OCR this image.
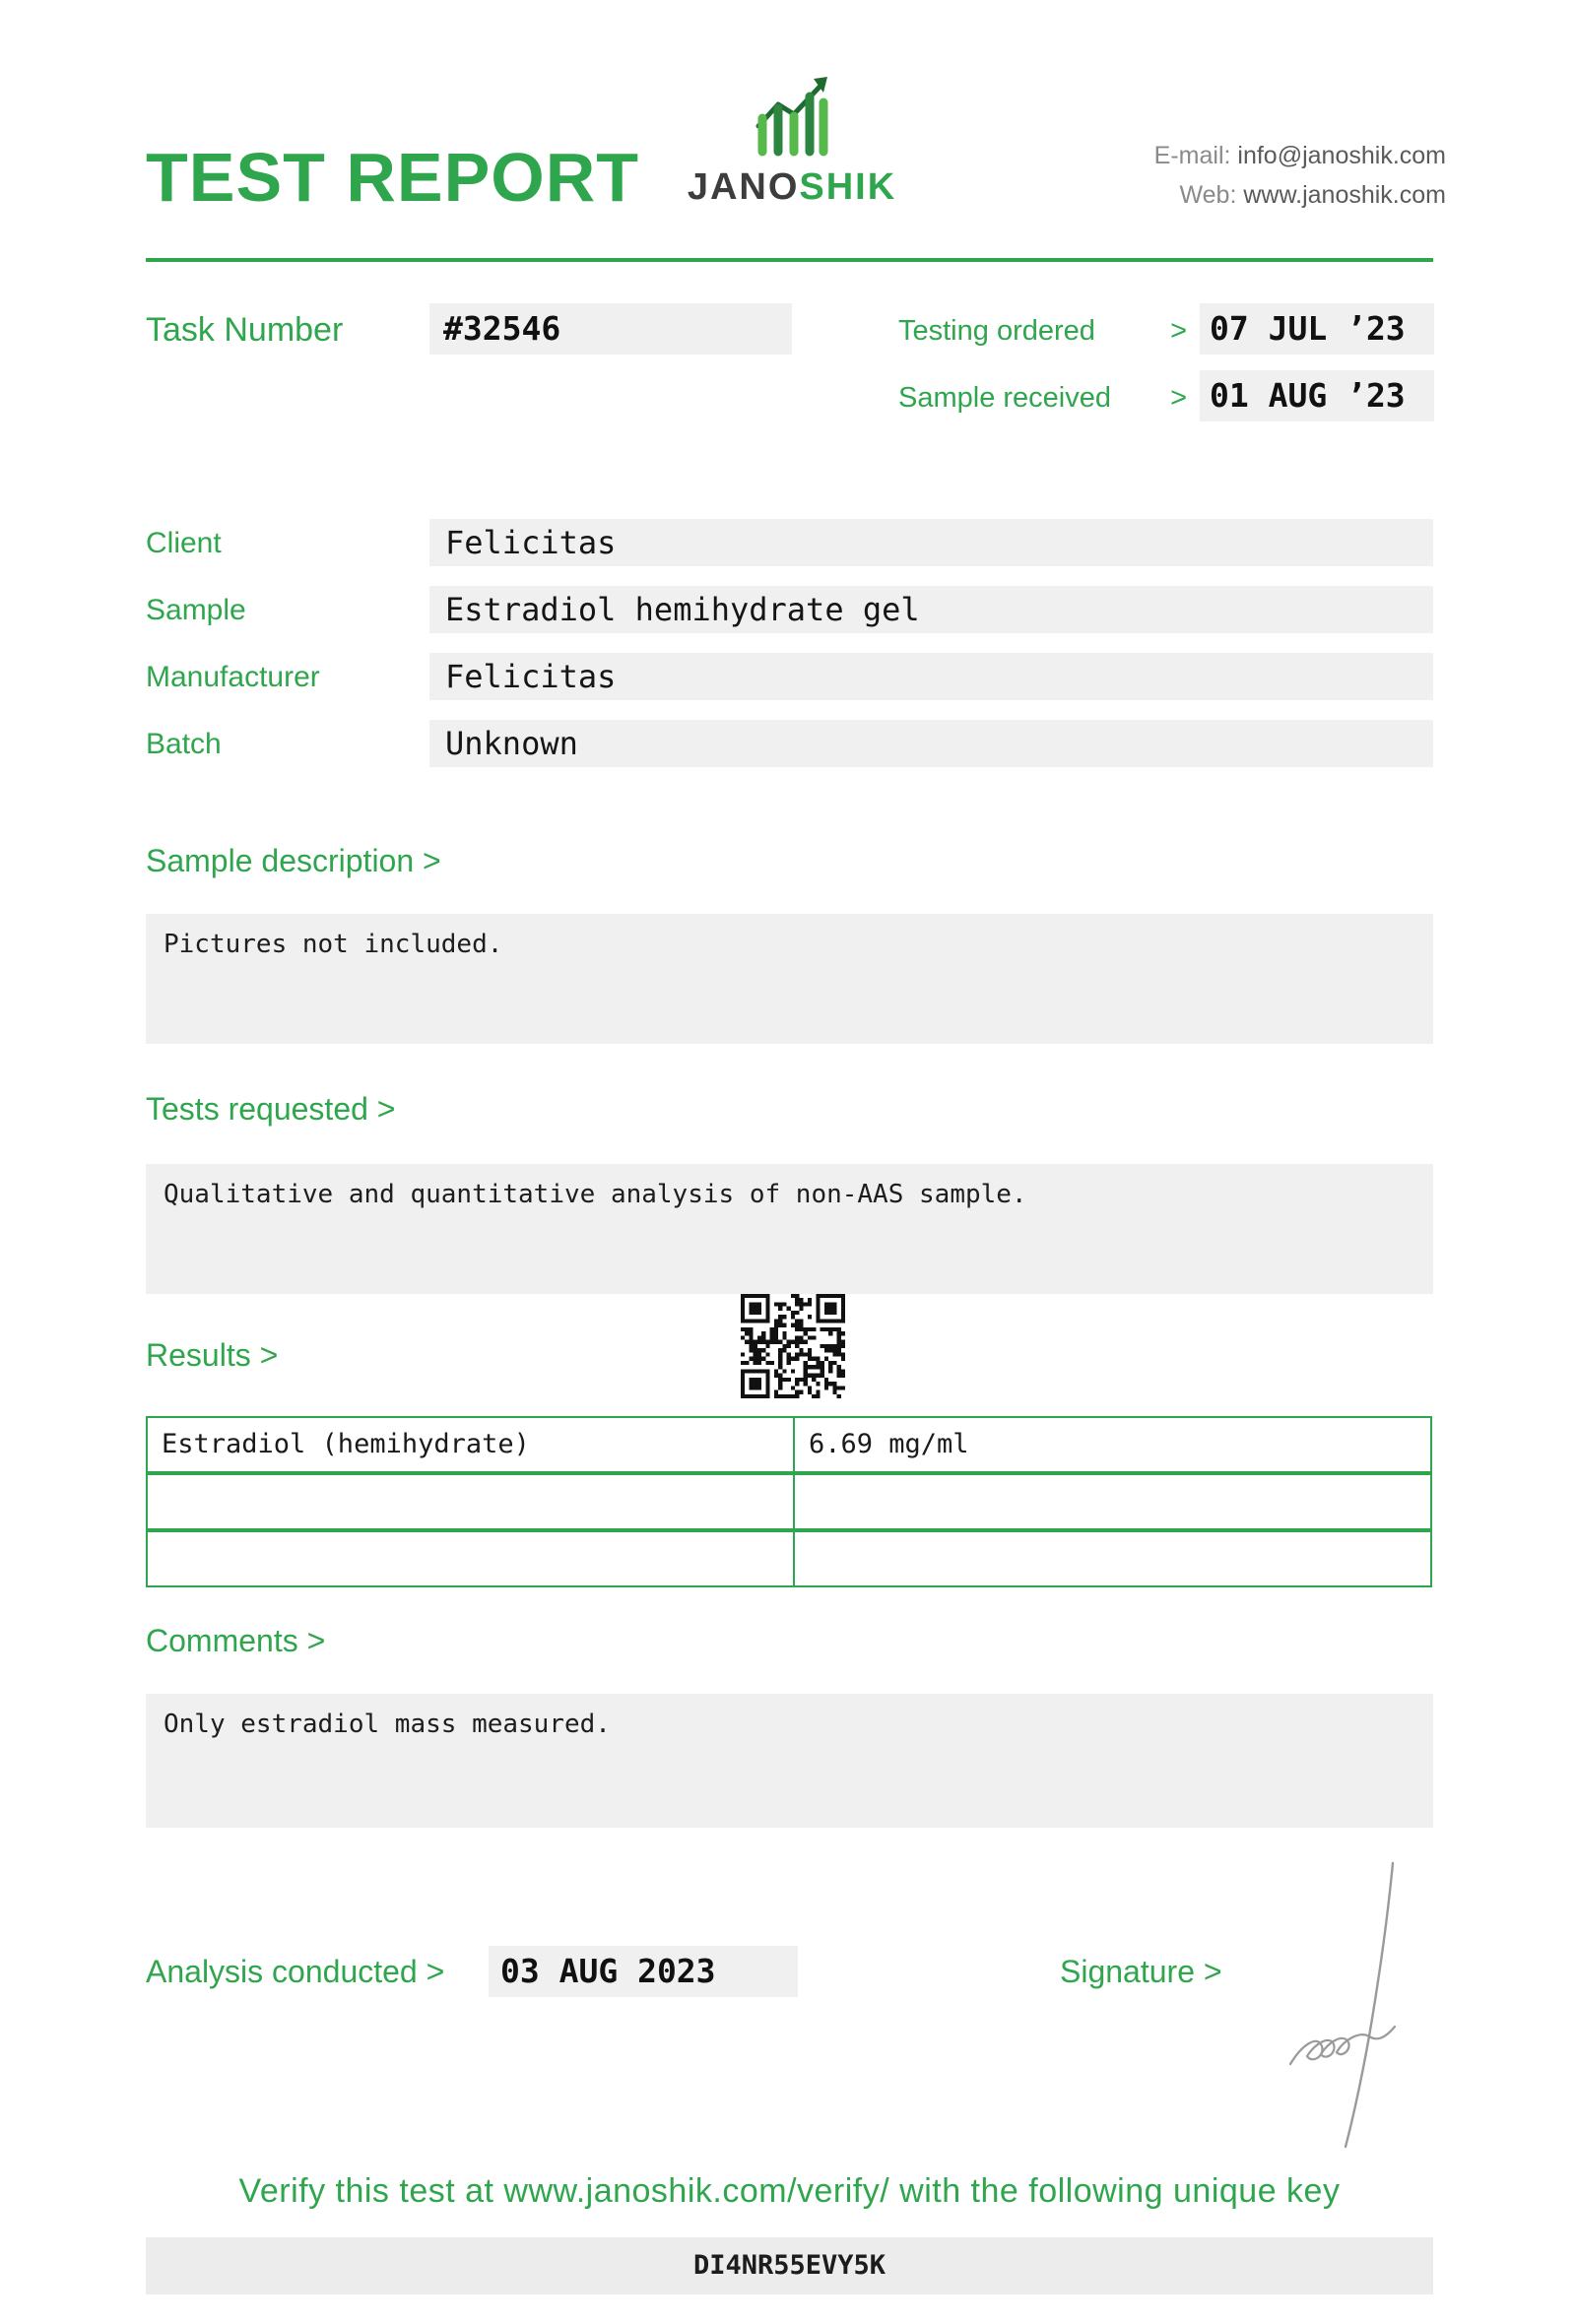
TEST REPORT JANOSHIK
E-mail: info@janoshik.com
Web: www.janoshik.com
Task Number	#32546	Testing ordered	> 07 JUL ’23
Sample received > 01 AUG ’23
Client	Felicitas
Sample	Estradiol hemihydrate gel
Manufacturer	Felicitas
Batch	Unknown
Sample description >
Pictures not included.
Tests requested >
Qualitative and quantitative analysis of non-AAS sample.
Results >
Estradiol (hemihydrate)	6.69 mg/ml
Comments >
Only estradiol mass measured.
Analysis conducted >	03 AUG 2023	Signature >
Verify this test at www.janoshik.com/verify/ with the following unique key
DI4NR55EVY5K
